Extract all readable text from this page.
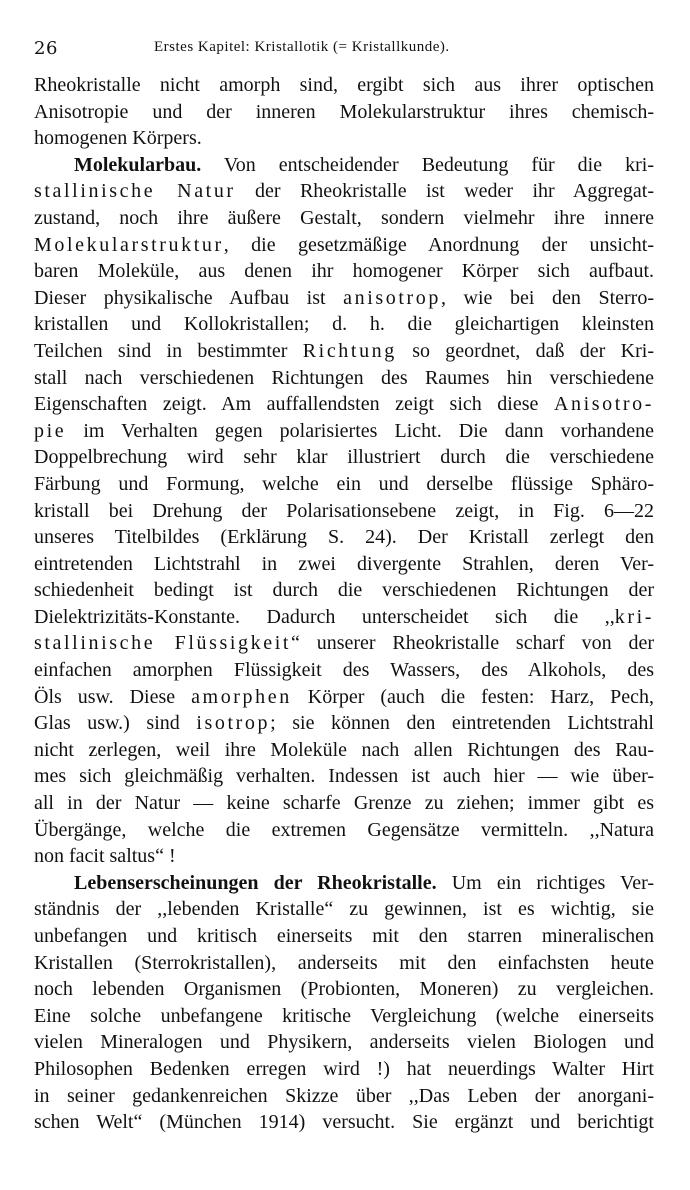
26	Erstes Kapitel: Kristallotik (= Kristallkunde).
Rheokristalle nicht amorph sind, ergibt sich aus ihrer optischen
Anisotropie und der inneren Molekularstruktur ihres chemisch-
homogenen Körpers.
Molekularbau. Von entscheidender Bedeutung für die kri-
stallinische Natur der Rheokristalle ist weder ihr Aggregat-
zustand, noch ihre äußere Gestalt, sondern vielmehr ihre innere
Molekularstruktur, die gesetzmäßige Anordnung der unsicht-
baren Moleküle, aus denen ihr homogener Körper sich aufbaut.
Dieser physikalische Aufbau ist anisotrop, wie bei den Sterro-
kristallen und Kollokristallen; d. h. die gleichartigen kleinsten
Teilchen sind in bestimmter Richtung so geordnet, daß der Kri-
stall nach verschiedenen Richtungen des Raumes hin verschiedene
Eigenschaften zeigt. Am auffallendsten zeigt sich diese Anisotro-
pie im Verhalten gegen polarisiertes Licht. Die dann vorhandene
Doppelbrechung wird sehr klar illustriert durch die verschiedene
Färbung und Formung, welche ein und derselbe flüssige Sphäro-
kristall bei Drehung der Polarisationsebene zeigt, in Fig. 6—22
unseres Titelbildes (Erklärung S. 24). Der Kristall zerlegt den
eintretenden Lichtstrahl in zwei divergente Strahlen, deren Ver-
schiedenheit bedingt ist durch die verschiedenen Richtungen der
Dielektrizitäts-Konstante. Dadurch unterscheidet sich die ,,kri-
stallinische Flüssigkeit“ unserer Rheokristalle scharf von der
einfachen amorphen Flüssigkeit des Wassers, des Alkohols, des
Öls usw. Diese amorphen Körper (auch die festen: Harz, Pech,
Glas usw.) sind isotrop; sie können den eintretenden Lichtstrahl
nicht zerlegen, weil ihre Moleküle nach allen Richtungen des Rau-
mes sich gleichmäßig verhalten. Indessen ist auch hier — wie über-
all in der Natur — keine scharfe Grenze zu ziehen; immer gibt es
Übergänge, welche die extremen Gegensätze vermitteln. ,,Natura
non facit saltus“ !
Lebenserscheinungen der Rheokristalle. Um ein richtiges Ver-
ständnis der ,,lebenden Kristalle“ zu gewinnen, ist es wichtig, sie
unbefangen und kritisch einerseits mit den starren mineralischen
Kristallen (Sterrokristallen), anderseits mit den einfachsten heute
noch lebenden Organismen (Probionten, Moneren) zu vergleichen.
Eine solche unbefangene kritische Vergleichung (welche einerseits
vielen Mineralogen und Physikern, anderseits vielen Biologen und
Philosophen Bedenken erregen wird !) hat neuerdings Walter Hirt
in seiner gedankenreichen Skizze über ,,Das Leben der anorgani-
schen Welt“ (München 1914) versucht. Sie ergänzt und berichtigt
